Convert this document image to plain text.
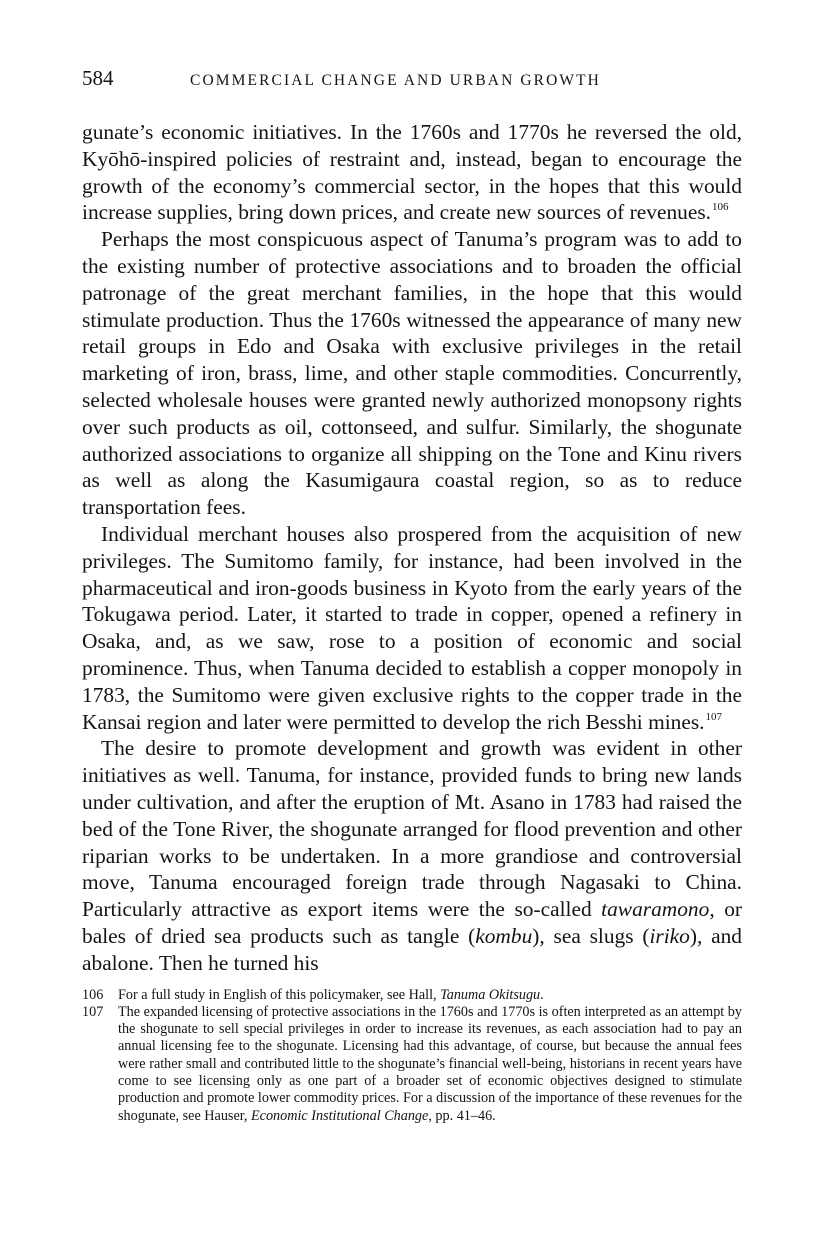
584	COMMERCIAL CHANGE AND URBAN GROWTH

gunate’s economic initiatives. In the 1760s and 1770s he reversed the old, Kyōhō-inspired policies of restraint and, instead, began to encourage the growth of the economy’s commercial sector, in the hopes that this would increase supplies, bring down prices, and create new sources of revenues.$^{106}$

Perhaps the most conspicuous aspect of Tanuma’s program was to add to the existing number of protective associations and to broaden the official patronage of the great merchant families, in the hope that this would stimulate production. Thus the 1760s witnessed the appearance of many new retail groups in Edo and Osaka with exclusive privileges in the retail marketing of iron, brass, lime, and other staple commodities. Concurrently, selected wholesale houses were granted newly authorized monopsony rights over such products as oil, cottonseed, and sulfur. Similarly, the shogunate authorized associations to organize all shipping on the Tone and Kinu rivers as well as along the Kasumigaura coastal region, so as to reduce transportation fees.

Individual merchant houses also prospered from the acquisition of new privileges. The Sumitomo family, for instance, had been involved in the pharmaceutical and iron-goods business in Kyoto from the early years of the Tokugawa period. Later, it started to trade in copper, opened a refinery in Osaka, and, as we saw, rose to a position of economic and social prominence. Thus, when Tanuma decided to establish a copper monopoly in 1783, the Sumitomo were given exclusive rights to the copper trade in the Kansai region and later were permitted to develop the rich Besshi mines.$^{107}$

The desire to promote development and growth was evident in other initiatives as well. Tanuma, for instance, provided funds to bring new lands under cultivation, and after the eruption of Mt. Asano in 1783 had raised the bed of the Tone River, the shogunate arranged for flood prevention and other riparian works to be undertaken. In a more grandiose and controversial move, Tanuma encouraged foreign trade through Nagasaki to China. Particularly attractive as export items were the so-called tawaramono, or bales of dried sea products such as tangle (kombu), sea slugs (iriko), and abalone. Then he turned his

106	For a full study in English of this policymaker, see Hall, Tanuma Okitsugu.
107	The expanded licensing of protective associations in the 1760s and 1770s is often interpreted as an attempt by the shogunate to sell special privileges in order to increase its revenues, as each association had to pay an annual licensing fee to the shogunate. Licensing had this advantage, of course, but because the annual fees were rather small and contributed little to the shogunate’s financial well-being, historians in recent years have come to see licensing only as one part of a broader set of economic objectives designed to stimulate production and promote lower commodity prices. For a discussion of the importance of these revenues for the shogunate, see Hauser, Economic Institutional Change, pp. 41–46.
